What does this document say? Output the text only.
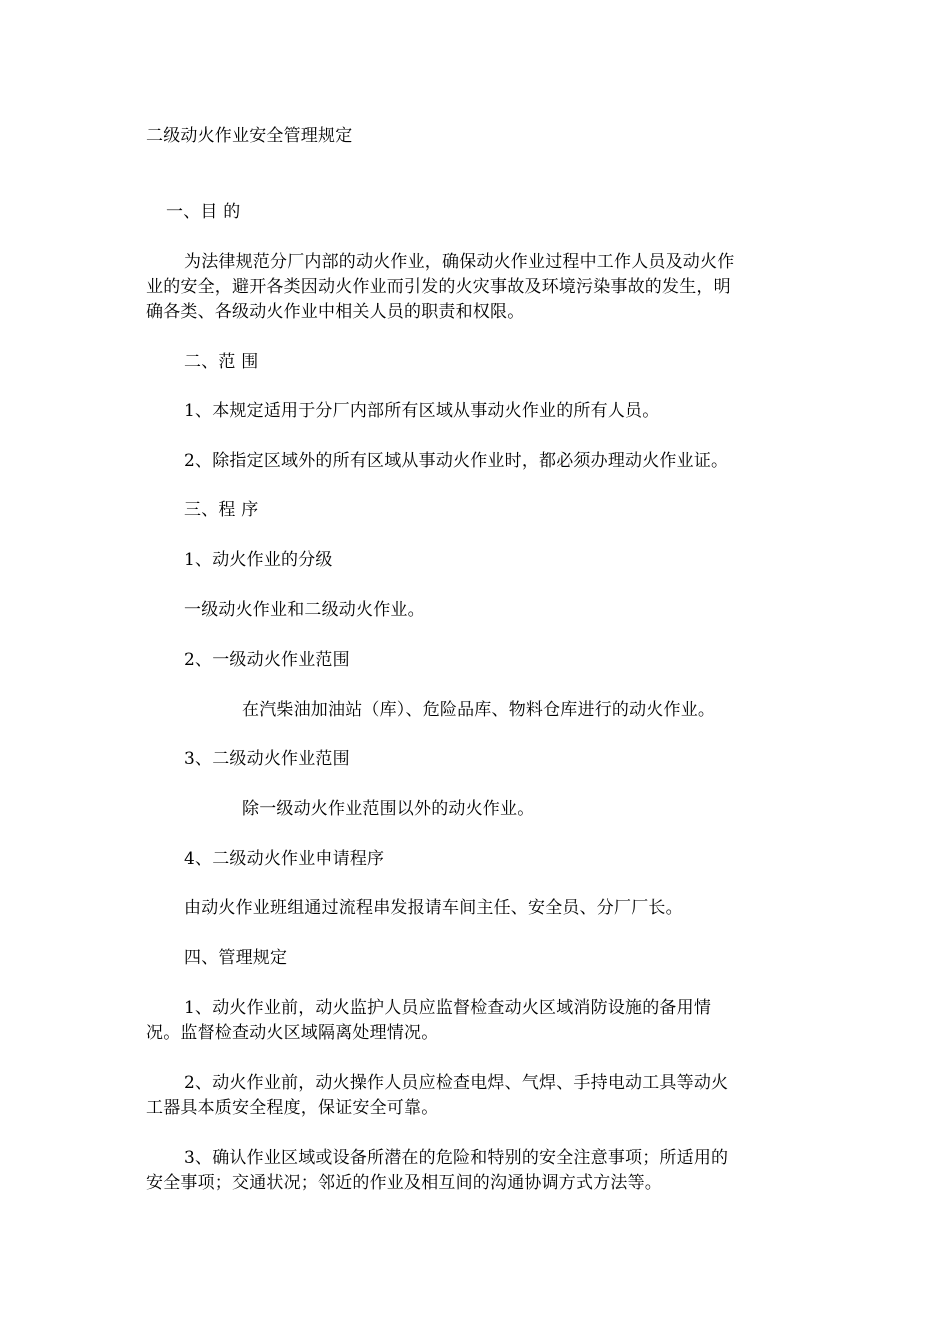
二级动火作业安全管理规定
一、目 的
为法律规范分厂内部的动火作业，确保动火作业过程中工作人员及动火作
业的安全，避开各类因动火作业而引发的火灾事故及环境污染事故的发生，明
确各类、各级动火作业中相关人员的职责和权限。
二、范 围
1、本规定适用于分厂内部所有区域从事动火作业的所有人员。
2、除指定区域外的所有区域从事动火作业时，都必须办理动火作业证。
三、程 序
1、动火作业的分级
一级动火作业和二级动火作业。
2、一级动火作业范围
在汽柴油加油站（库）、危险品库、物料仓库进行的动火作业。
3、二级动火作业范围
除一级动火作业范围以外的动火作业。
4、二级动火作业申请程序
由动火作业班组通过流程串发报请车间主任、安全员、分厂厂长。
四、管理规定
1、动火作业前，动火监护人员应监督检查动火区域消防设施的备用情
况。监督检查动火区域隔离处理情况。
2、动火作业前，动火操作人员应检查电焊、气焊、手持电动工具等动火
工器具本质安全程度，保证安全可靠。
3、确认作业区域或设备所潜在的危险和特别的安全注意事项；所适用的
安全事项；交通状况；邻近的作业及相互间的沟通协调方式方法等。
